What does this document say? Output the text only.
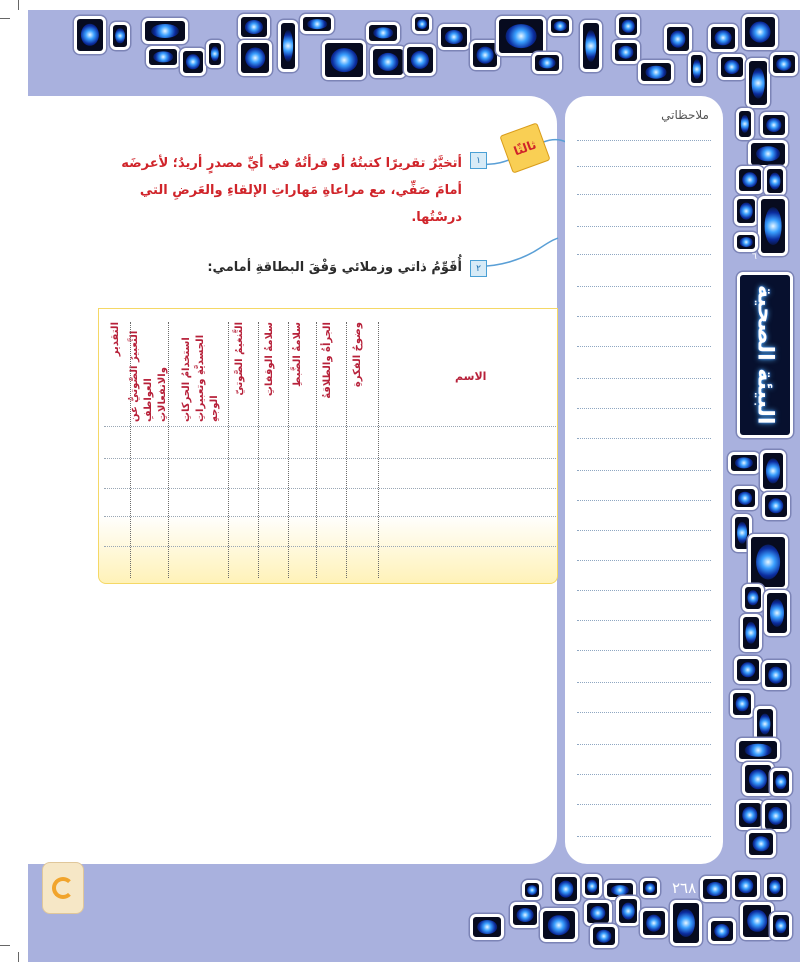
البيئة الصحية
٦
ثالثًا
١
أتخيَّرُ تقريرًا كتبتُهُ أو قرأتُهُ في أيِّ مصدرٍ أريدُ؛ لأعرضَه أمامَ صَفِّي، مع مراعاةِ مَهاراتِ الإلقاءِ والعَرضِ التي درسْتُها.
٢
أُقَوِّمُ ذاتي وزملائي وَفْقَ البطاقةِ أمامي:
الاسم
وضوحُ الفكرةِ
الجرأةُ والطلاقةُ
سلامةُ الضَّبطِ
سلامةُ الوقفاتِ
التَّنغيمُ الصَّوتيّ
استخدامُ الحركاتِ الجسديَّةِ وتعبيراتِ الوجهِ
التَّعبيرُ الصَّوتيُّ عن العواطفِ والانفعالاتِ
التقدير
ملاحظاتي
٢٦٨
